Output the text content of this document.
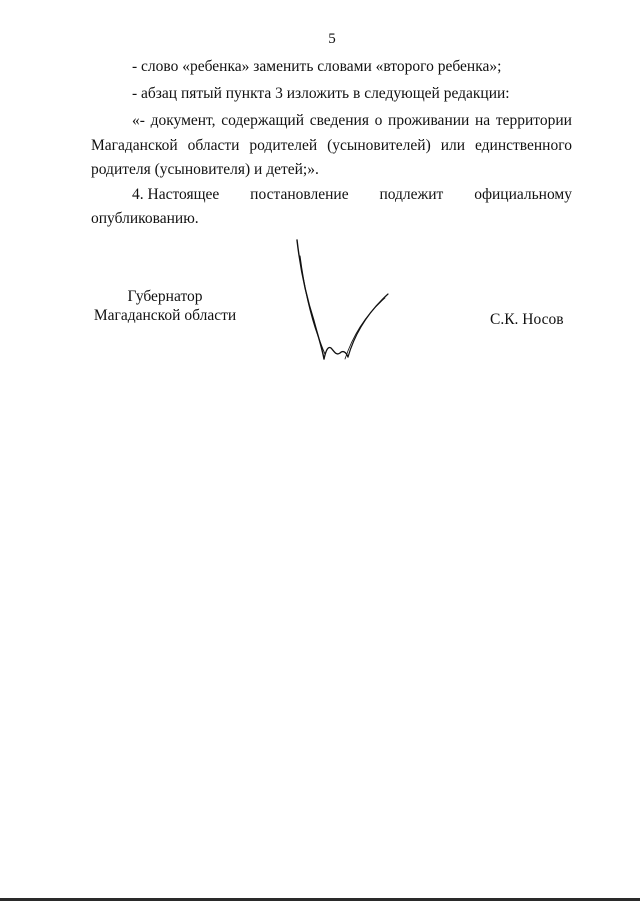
5
- слово «ребенка» заменить словами «второго ребенка»;
- абзац пятый пункта 3 изложить в следующей редакции:
«- документ, содержащий сведения о проживании на территории
Магаданской области родителей (усыновителей) или единственного
родителя (усыновителя) и детей;».
4. Настоящее постановление подлежит официальному
опубликованию.
Губернатор
Магаданской области	С.К. Носов
